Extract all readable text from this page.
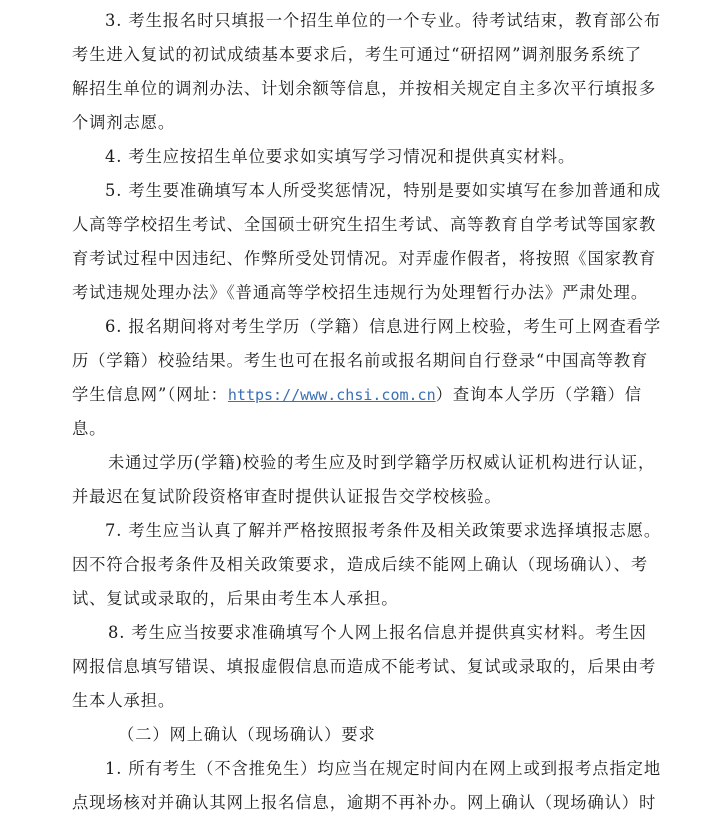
3. 考生报名时只填报一个招生单位的一个专业。待考试结束，教育部公布
考生进入复试的初试成绩基本要求后，考生可通过“研招网”调剂服务系统了
解招生单位的调剂办法、计划余额等信息，并按相关规定自主多次平行填报多
个调剂志愿。
4. 考生应按招生单位要求如实填写学习情况和提供真实材料。
5. 考生要准确填写本人所受奖惩情况，特别是要如实填写在参加普通和成
人高等学校招生考试、全国硕士研究生招生考试、高等教育自学考试等国家教
育考试过程中因违纪、作弊所受处罚情况。对弄虚作假者，将按照《国家教育
考试违规处理办法》《普通高等学校招生违规行为处理暂行办法》严肃处理。
6. 报名期间将对考生学历（学籍）信息进行网上校验，考生可上网查看学
历（学籍）校验结果。考生也可在报名前或报名期间自行登录“中国高等教育
学生信息网”（网址：https://www.chsi.com.cn）查询本人学历（学籍）信
息。
未通过学历(学籍)校验的考生应及时到学籍学历权威认证机构进行认证，
并最迟在复试阶段资格审查时提供认证报告交学校核验。
7. 考生应当认真了解并严格按照报考条件及相关政策要求选择填报志愿。
因不符合报考条件及相关政策要求，造成后续不能网上确认（现场确认）、考
试、复试或录取的，后果由考生本人承担。
8. 考生应当按要求准确填写个人网上报名信息并提供真实材料。考生因
网报信息填写错误、填报虚假信息而造成不能考试、复试或录取的，后果由考
生本人承担。
（二）网上确认（现场确认）要求
1. 所有考生（不含推免生）均应当在规定时间内在网上或到报考点指定地
点现场核对并确认其网上报名信息，逾期不再补办。网上确认（现场确认）时
